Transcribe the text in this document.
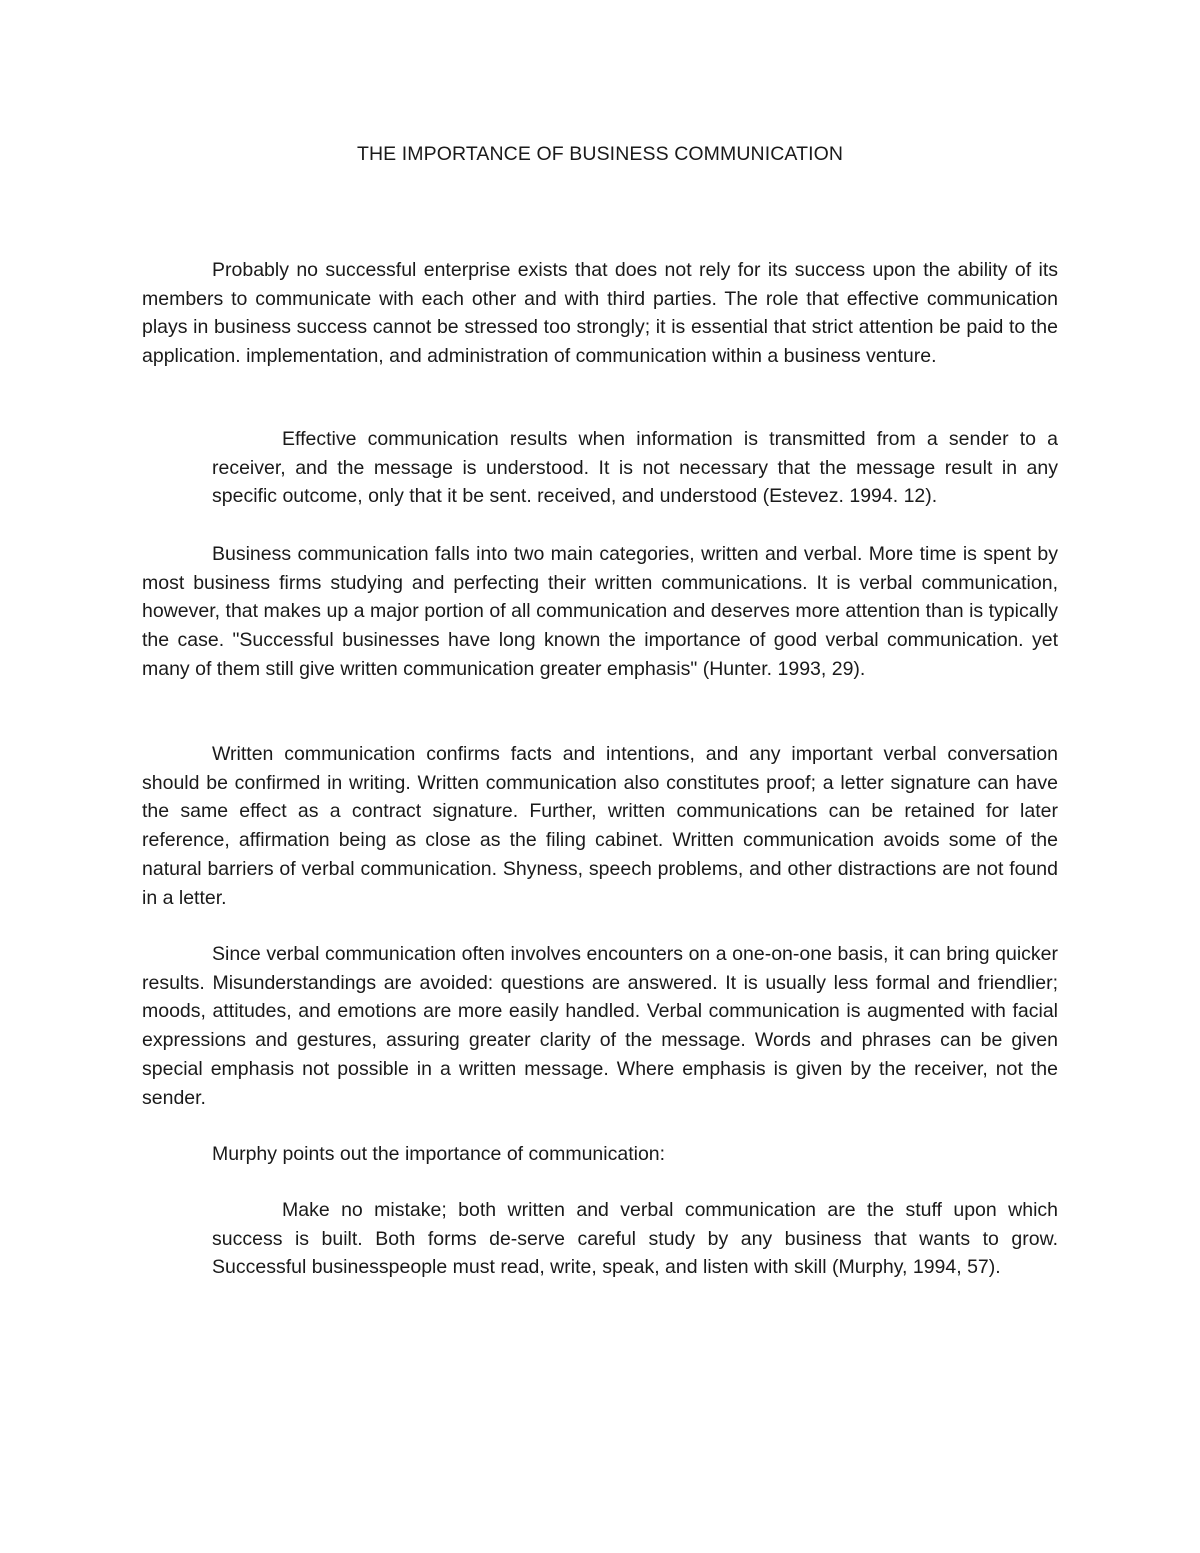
THE IMPORTANCE OF BUSINESS COMMUNICATION

Probably no successful enterprise exists that does not rely for its success upon the ability of its members to communicate with each other and with third parties. The role that effective communication plays in business success cannot be stressed too strongly; it is essential that strict attention be paid to the application. implementation, and administration of communication within a business venture.

Effective communication results when information is transmitted from a sender to a receiver, and the message is understood. It is not necessary that the message result in any specific outcome, only that it be sent. received, and understood (Estevez. 1994. 12).

Business communication falls into two main categories, written and verbal. More time is spent by most business firms studying and perfecting their written communications. It is verbal communication, however, that makes up a major portion of all communication and deserves more attention than is typically the case. "Successful businesses have long known the importance of good verbal communication. yet many of them still give written communication greater emphasis" (Hunter. 1993, 29).

Written communication confirms facts and intentions, and any important verbal conversation should be confirmed in writing. Written communication also constitutes proof; a letter signature can have the same effect as a contract signature. Further, written communications can be retained for later reference, affirmation being as close as the filing cabinet. Written communication avoids some of the natural barriers of verbal communication. Shyness, speech problems, and other distractions are not found in a letter.

Since verbal communication often involves encounters on a one-on-one basis, it can bring quicker results. Misunderstandings are avoided: questions are answered. It is usually less formal and friendlier; moods, attitudes, and emotions are more easily handled. Verbal communication is augmented with facial expressions and gestures, assuring greater clarity of the message. Words and phrases can be given special emphasis not possible in a written message. Where emphasis is given by the receiver, not the sender.

Murphy points out the importance of communication:

Make no mistake; both written and verbal communication are the stuff upon which success is built. Both forms de-serve careful study by any business that wants to grow. Successful businesspeople must read, write, speak, and listen with skill (Murphy, 1994, 57).
